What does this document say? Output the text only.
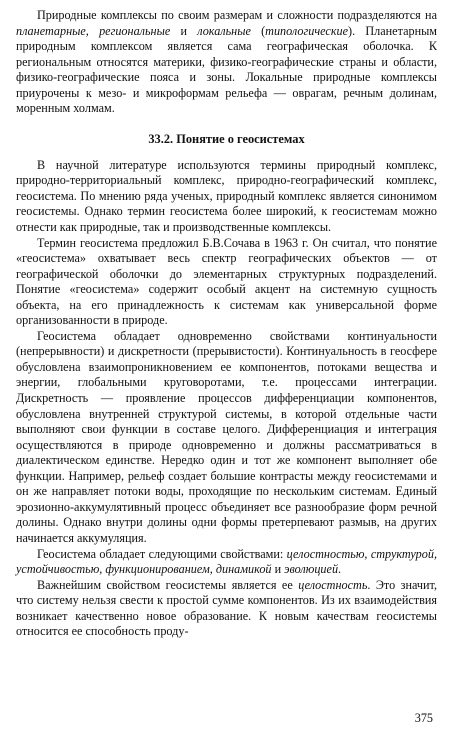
Природные комплексы по своим размерам и сложности подразделяются на планетарные, региональные и локальные (типологические). Планетарным природным комплексом является сама географическая оболочка. К региональным относятся материки, физико-географические страны и области, физико-географические пояса и зоны. Локальные природные комплексы приурочены к мезо- и микроформам рельефа — оврагам, речным долинам, моренным холмам.

33.2. Понятие о геосистемах

В научной литературе используются термины природный комплекс, природно-территориальный комплекс, природно-географический комплекс, геосистема. По мнению ряда ученых, природный комплекс является синонимом геосистемы. Однако термин геосистема более широкий, к геосистемам можно отнести как природные, так и производственные комплексы.

Термин геосистема предложил Б.В.Сочава в 1963 г. Он считал, что понятие «геосистема» охватывает весь спектр географических объектов — от географической оболочки до элементарных структурных подразделений. Понятие «геосистема» содержит особый акцент на системную сущность объекта, на его принадлежность к системам как универсальной форме организованности в природе.

Геосистема обладает одновременно свойствами континуальности (непрерывности) и дискретности (прерывистости). Континуальность в геосфере обусловлена взаимопроникновением ее компонентов, потоками вещества и энергии, глобальными круговоротами, т.е. процессами интеграции. Дискретность — проявление процессов дифференциации компонентов, обусловлена внутренней структурой системы, в которой отдельные части выполняют свои функции в составе целого. Дифференциация и интеграция осуществляются в природе одновременно и должны рассматриваться в диалектическом единстве. Нередко один и тот же компонент выполняет обе функции. Например, рельеф создает большие контрасты между геосистемами и он же направляет потоки воды, проходящие по нескольким системам. Единый эрозионно-аккумулятивный процесс объединяет все разнообразие форм речной долины. Однако внутри долины одни формы претерпевают размыв, на других начинается аккумуляция.

Геосистема обладает следующими свойствами: целостностью, структурой, устойчивостью, функционированием, динамикой и эволюцией.

Важнейшим свойством геосистемы является ее целостность. Это значит, что систему нельзя свести к простой сумме компонентов. Из их взаимодействия возникает качественно новое образование. К новым качествам геосистемы относится ее способность проду-

375
